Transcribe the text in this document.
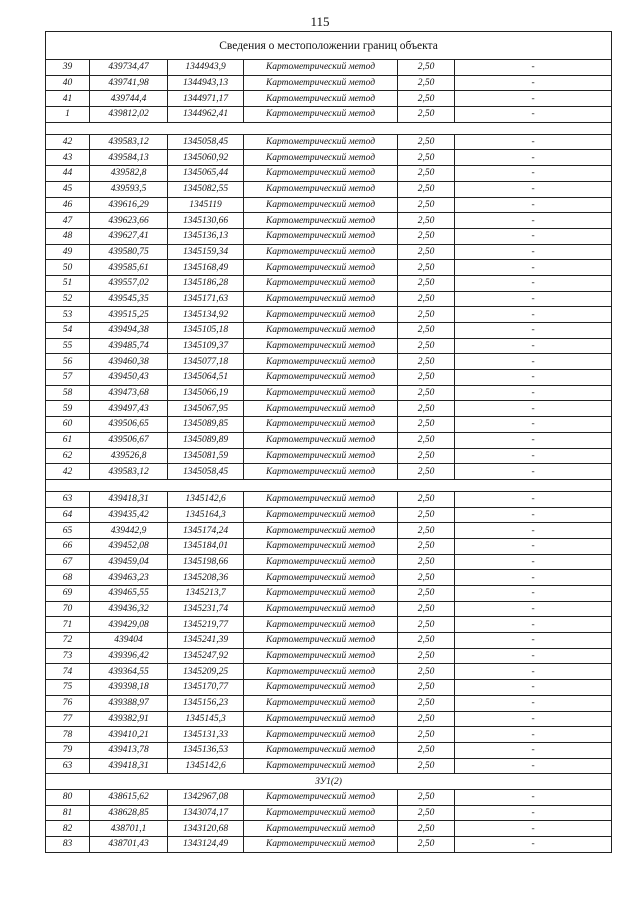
115
Сведения о местоположении границ объекта					
39	439734,47	1344943,9	Картометрический метод	2,50	-
40	439741,98	1344943,13	Картометрический метод	2,50	-
41	439744,4	1344971,17	Картометрический метод	2,50	-
1	439812,02	1344962,41	Картометрический метод	2,50	-

42	439583,12	1345058,45	Картометрический метод	2,50	-
43	439584,13	1345060,92	Картометрический метод	2,50	-
44	439582,8	1345065,44	Картометрический метод	2,50	-
45	439593,5	1345082,55	Картометрический метод	2,50	-
46	439616,29	1345119	Картометрический метод	2,50	-
47	439623,66	1345130,66	Картометрический метод	2,50	-
48	439627,41	1345136,13	Картометрический метод	2,50	-
49	439580,75	1345159,34	Картометрический метод	2,50	-
50	439585,61	1345168,49	Картометрический метод	2,50	-
51	439557,02	1345186,28	Картометрический метод	2,50	-
52	439545,35	1345171,63	Картометрический метод	2,50	-
53	439515,25	1345134,92	Картометрический метод	2,50	-
54	439494,38	1345105,18	Картометрический метод	2,50	-
55	439485,74	1345109,37	Картометрический метод	2,50	-
56	439460,38	1345077,18	Картометрический метод	2,50	-
57	439450,43	1345064,51	Картометрический метод	2,50	-
58	439473,68	1345066,19	Картометрический метод	2,50	-
59	439497,43	1345067,95	Картометрический метод	2,50	-
60	439506,65	1345089,85	Картометрический метод	2,50	-
61	439506,67	1345089,89	Картометрический метод	2,50	-
62	439526,8	1345081,59	Картометрический метод	2,50	-
42	439583,12	1345058,45	Картометрический метод	2,50	-

63	439418,31	1345142,6	Картометрический метод	2,50	-
64	439435,42	1345164,3	Картометрический метод	2,50	-
65	439442,9	1345174,24	Картометрический метод	2,50	-
66	439452,08	1345184,01	Картометрический метод	2,50	-
67	439459,04	1345198,66	Картометрический метод	2,50	-
68	439463,23	1345208,36	Картометрический метод	2,50	-
69	439465,55	1345213,7	Картометрический метод	2,50	-
70	439436,32	1345231,74	Картометрический метод	2,50	-
71	439429,08	1345219,77	Картометрический метод	2,50	-
72	439404	1345241,39	Картометрический метод	2,50	-
73	439396,42	1345247,92	Картометрический метод	2,50	-
74	439364,55	1345209,25	Картометрический метод	2,50	-
75	439398,18	1345170,77	Картометрический метод	2,50	-
76	439388,97	1345156,23	Картометрический метод	2,50	-
77	439382,91	1345145,3	Картометрический метод	2,50	-
78	439410,21	1345131,33	Картометрический метод	2,50	-
79	439413,78	1345136,53	Картометрический метод	2,50	-
63	439418,31	1345142,6	Картометрический метод	2,50	-
ЗУ1(2)					
80	438615,62	1342967,08	Картометрический метод	2,50	-
81	438628,85	1343074,17	Картометрический метод	2,50	-
82	438701,1	1343120,68	Картометрический метод	2,50	-
83	438701,43	1343124,49	Картометрический метод	2,50	-
